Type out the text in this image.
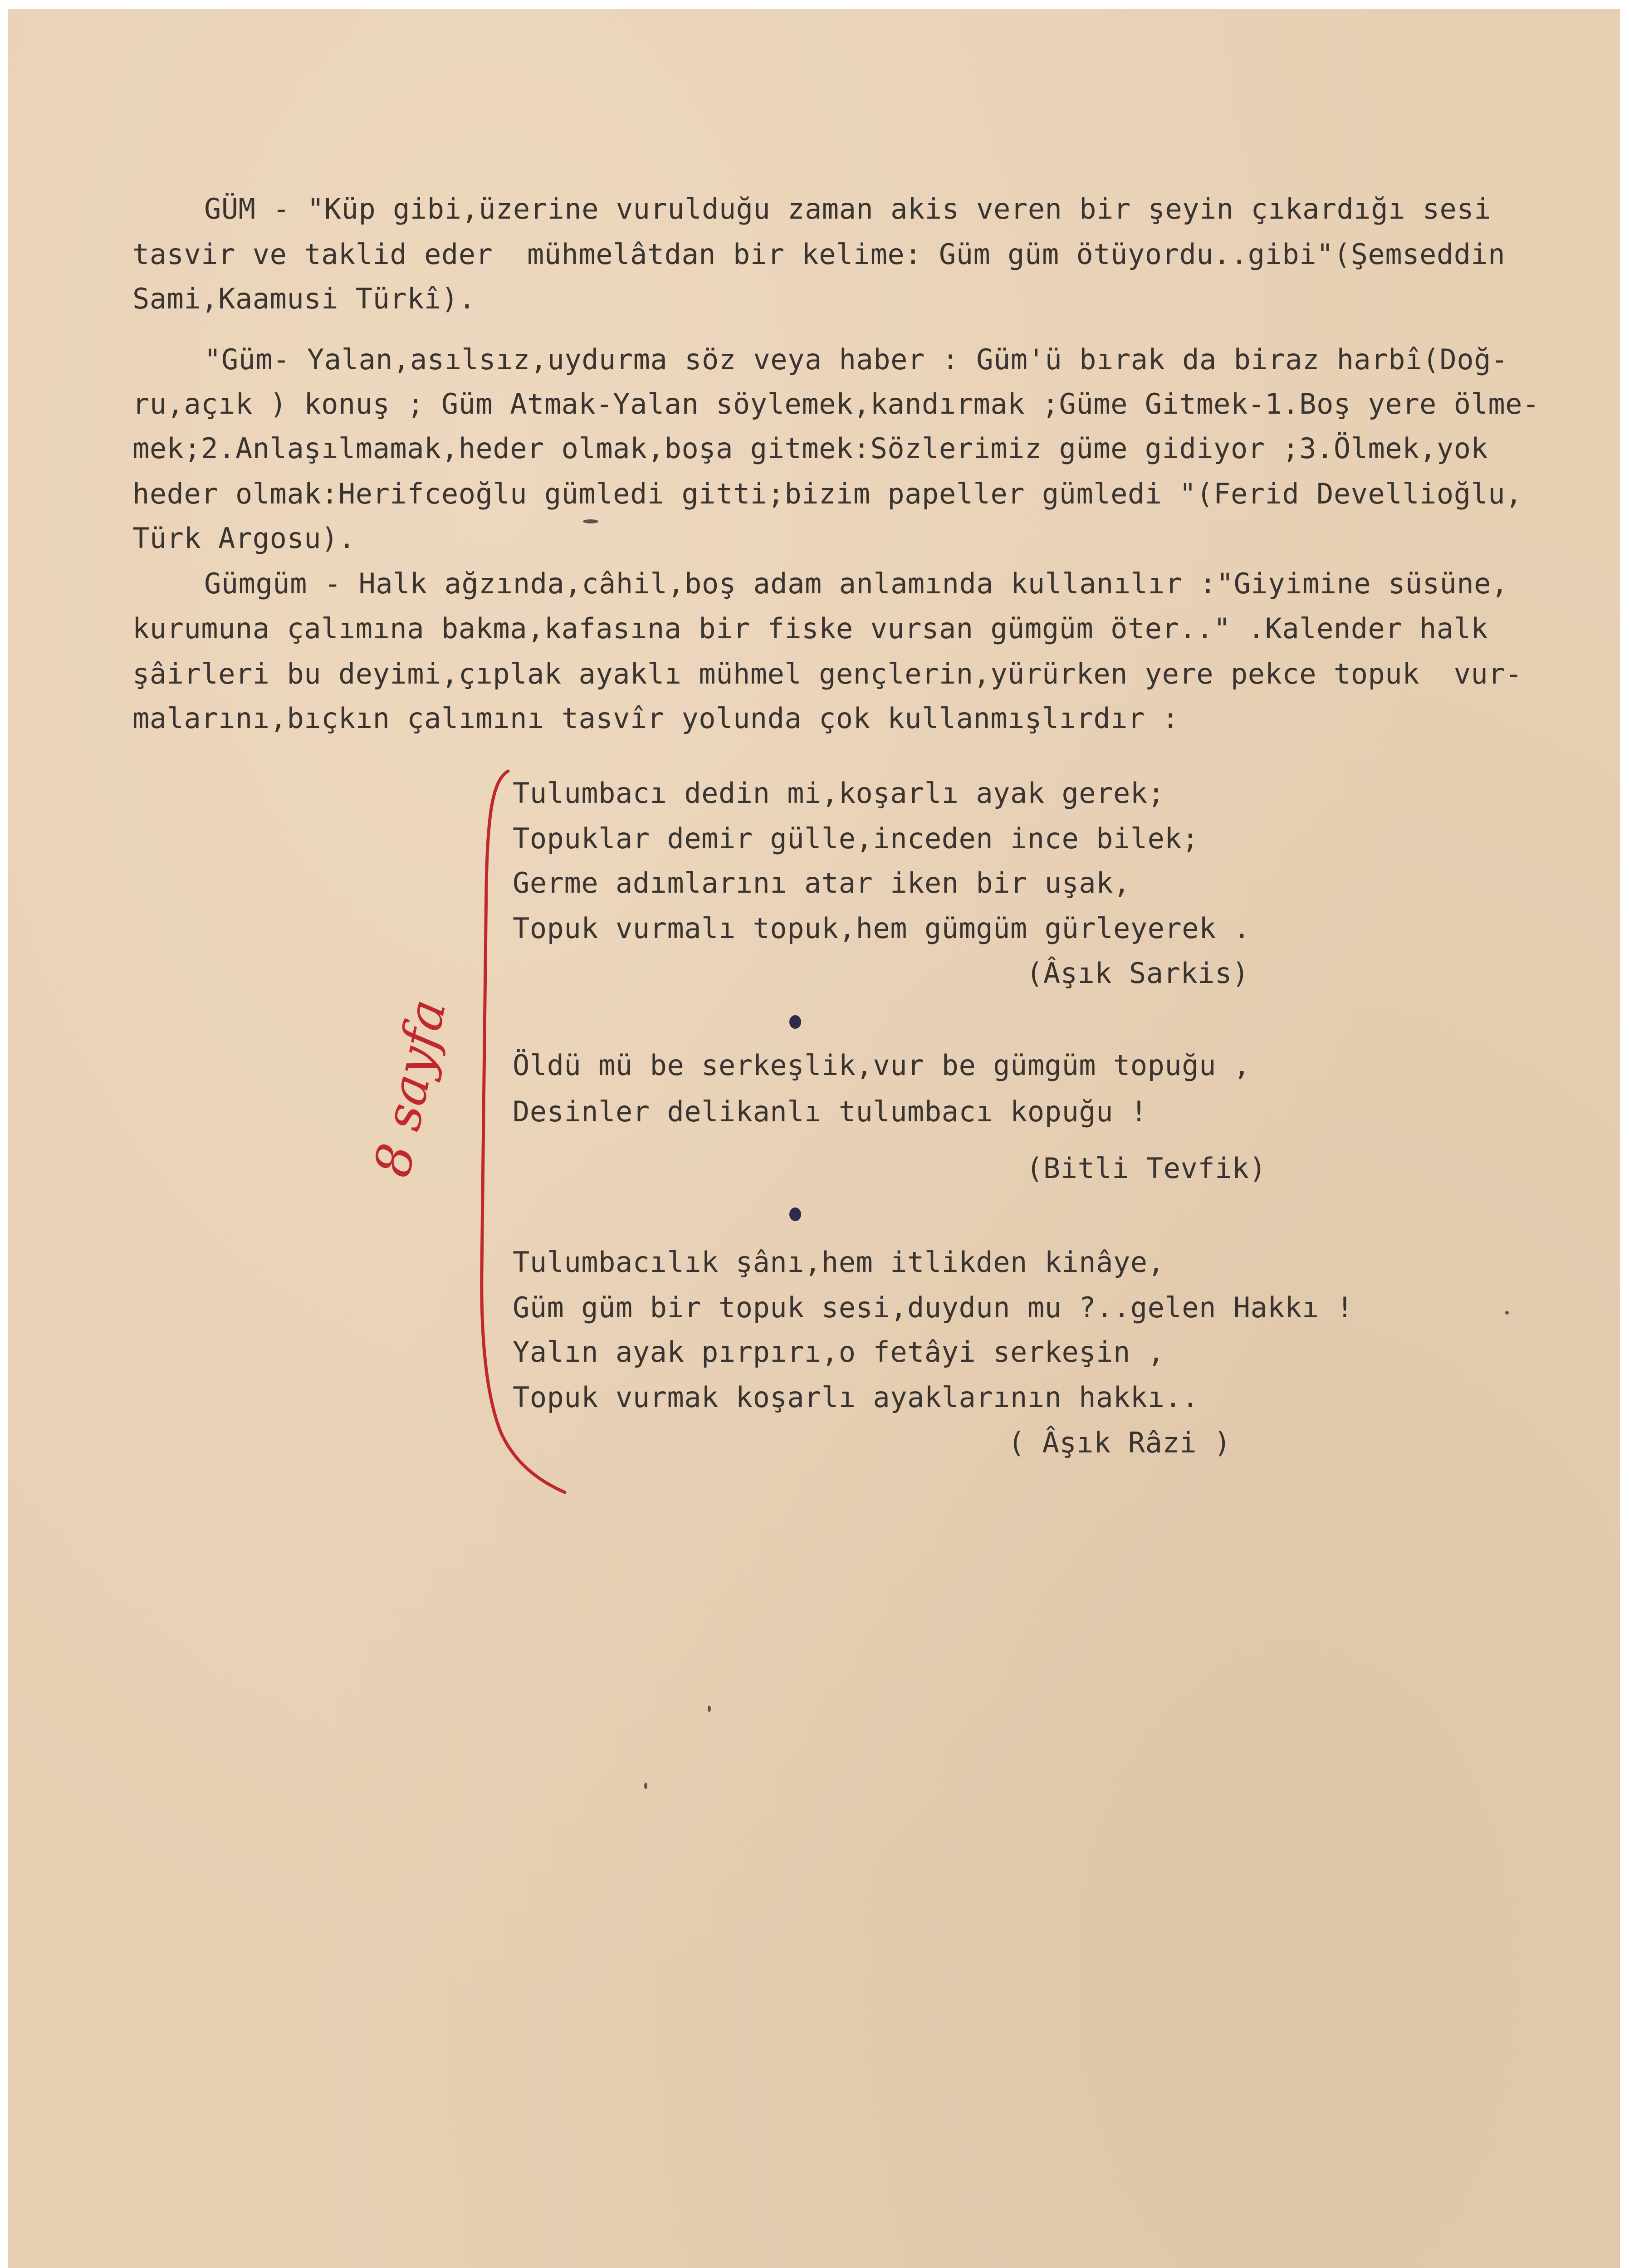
GÜM - "Küp gibi,üzerine vurulduğu zaman akis veren bir şeyin çıkardığı sesi
tasvir ve taklid eder  mühmelâtdan bir kelime: Güm güm ötüyordu..gibi"(Şemseddin
Sami,Kaamusi Türkî).
"Güm- Yalan,asılsız,uydurma söz veya haber : Güm'ü bırak da biraz harbî(Doğ-
ru,açık ) konuş ; Güm Atmak-Yalan söylemek,kandırmak ;Güme Gitmek-1.Boş yere ölme-
mek;2.Anlaşılmamak,heder olmak,boşa gitmek:Sözlerimiz güme gidiyor ;3.Ölmek,yok
heder olmak:Herifceoğlu gümledi gitti;bizim papeller gümledi "(Ferid Devellioğlu,
Türk Argosu).
Gümgüm - Halk ağzında,câhil,boş adam anlamında kullanılır :"Giyimine süsüne,
kurumuna çalımına bakma,kafasına bir fiske vursan gümgüm öter.." .Kalender halk
şâirleri bu deyimi,çıplak ayaklı mühmel gençlerin,yürürken yere pekce topuk  vur-
malarını,bıçkın çalımını tasvîr yolunda çok kullanmışlırdır :
Tulumbacı dedin mi,koşarlı ayak gerek;
Topuklar demir gülle,inceden ince bilek;
Germe adımlarını atar iken bir uşak,
Topuk vurmalı topuk,hem gümgüm gürleyerek .
(Âşık Sarkis)
Öldü mü be serkeşlik,vur be gümgüm topuğu ,
Desinler delikanlı tulumbacı kopuğu !
(Bitli Tevfik)
Tulumbacılık şânı,hem itlikden kinâye,
Güm güm bir topuk sesi,duydun mu ?..gelen Hakkı !
Yalın ayak pırpırı,o fetâyi serkeşin ,
Topuk vurmak koşarlı ayaklarının hakkı..
( Âşık Râzi )
8 sayfa
